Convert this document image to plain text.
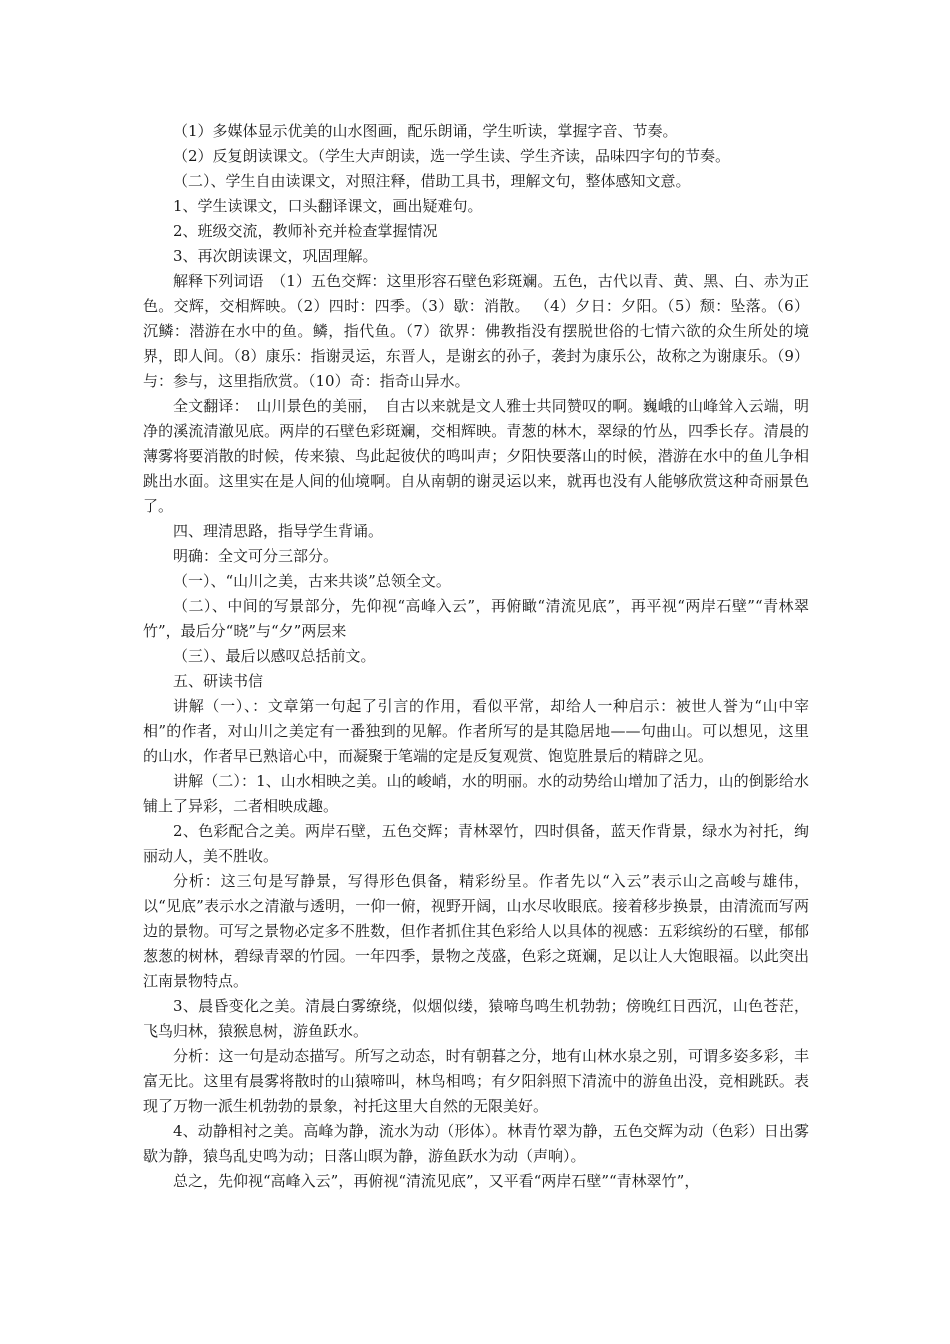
（1）多媒体显示优美的山水图画，配乐朗诵，学生听读，掌握字音、节奏。

（2）反复朗读课文。（学生大声朗读，选一学生读、学生齐读，品味四字句的节奏。

（二）、学生自由读课文，对照注释，借助工具书，理解文句，整体感知文意。

1、学生读课文，口头翻译课文，画出疑难句。

2、班级交流，教师补充并检查掌握情况

3、再次朗读课文，巩固理解。

解释下列词语　（1）五色交辉：这里形容石壁色彩斑斓。五色，古代以青、黄、黑、白、赤为正色。交辉，交相辉映。（2）四时：四季。（3）歇：消散。 （4）夕日：夕阳。（5）颓：坠落。（6）沉鳞：潜游在水中的鱼。鳞，指代鱼。（7）欲界：佛教指没有摆脱世俗的七情六欲的众生所处的境界，即人间。（8）康乐：指谢灵运，东晋人，是谢玄的孙子，袭封为康乐公，故称之为谢康乐。（9）与：参与，这里指欣赏。（10）奇：指奇山异水。

全文翻译：　山川景色的美丽，　自古以来就是文人雅士共同赞叹的啊。巍峨的山峰耸入云端，明净的溪流清澈见底。两岸的石壁色彩斑斓，交相辉映。青葱的林木，翠绿的竹丛，四季长存。清晨的薄雾将要消散的时候，传来猿、鸟此起彼伏的鸣叫声；夕阳快要落山的时候，潜游在水中的鱼儿争相跳出水面。这里实在是人间的仙境啊。自从南朝的谢灵运以来，就再也没有人能够欣赏这种奇丽景色了。

四、理清思路，指导学生背诵。

明确：全文可分三部分。

（一）、“山川之美，古来共谈”总领全文。

（二）、中间的写景部分，先仰视“高峰入云”，再俯瞰“清流见底”，再平视“两岸石壁”“青林翠竹”，最后分“晓”与“夕”两层来

（三）、最后以感叹总括前文。

五、研读书信

讲解（一）、：文章第一句起了引言的作用，看似平常，却给人一种启示：被世人誉为“山中宰相”的作者，对山川之美定有一番独到的见解。作者所写的是其隐居地——句曲山。可以想见，这里的山水，作者早已熟谙心中，而凝聚于笔端的定是反复观赏、饱览胜景后的精辟之见。

讲解（二）：1、山水相映之美。山的峻峭，水的明丽。水的动势给山增加了活力，山的倒影给水铺上了异彩，二者相映成趣。

2、色彩配合之美。两岸石壁，五色交辉；青林翠竹，四时俱备，蓝天作背景，绿水为衬托，绚丽动人，美不胜收。

分析：这三句是写静景，写得形色俱备，精彩纷呈。作者先以“入云”表示山之高峻与雄伟，以“见底”表示水之清澈与透明，一仰一俯，视野开阔，山水尽收眼底。接着移步换景，由清流而写两边的景物。可写之景物必定多不胜数，但作者抓住其色彩给人以具体的视感：五彩缤纷的石壁，郁郁葱葱的树林，碧绿青翠的竹园。一年四季，景物之茂盛，色彩之斑斓，足以让人大饱眼福。以此突出江南景物特点。

3、晨昏变化之美。清晨白雾缭绕，似烟似缕，猿啼鸟鸣生机勃勃；傍晚红日西沉，山色苍茫，飞鸟归林，猿猴息树，游鱼跃水。

分析：这一句是动态描写。所写之动态，时有朝暮之分，地有山林水泉之别，可谓多姿多彩，丰富无比。这里有晨雾将散时的山猿啼叫，林鸟相鸣；有夕阳斜照下清流中的游鱼出没，竞相跳跃。表现了万物一派生机勃勃的景象，衬托这里大自然的无限美好。

4、动静相衬之美。高峰为静，流水为动（形体）。林青竹翠为静，五色交辉为动（色彩）日出雾歇为静，猿鸟乱史鸣为动；日落山暝为静，游鱼跃水为动（声响）。

总之，先仰视“高峰入云”，再俯视“清流见底”，又平看“两岸石壁”“青林翠竹”，
